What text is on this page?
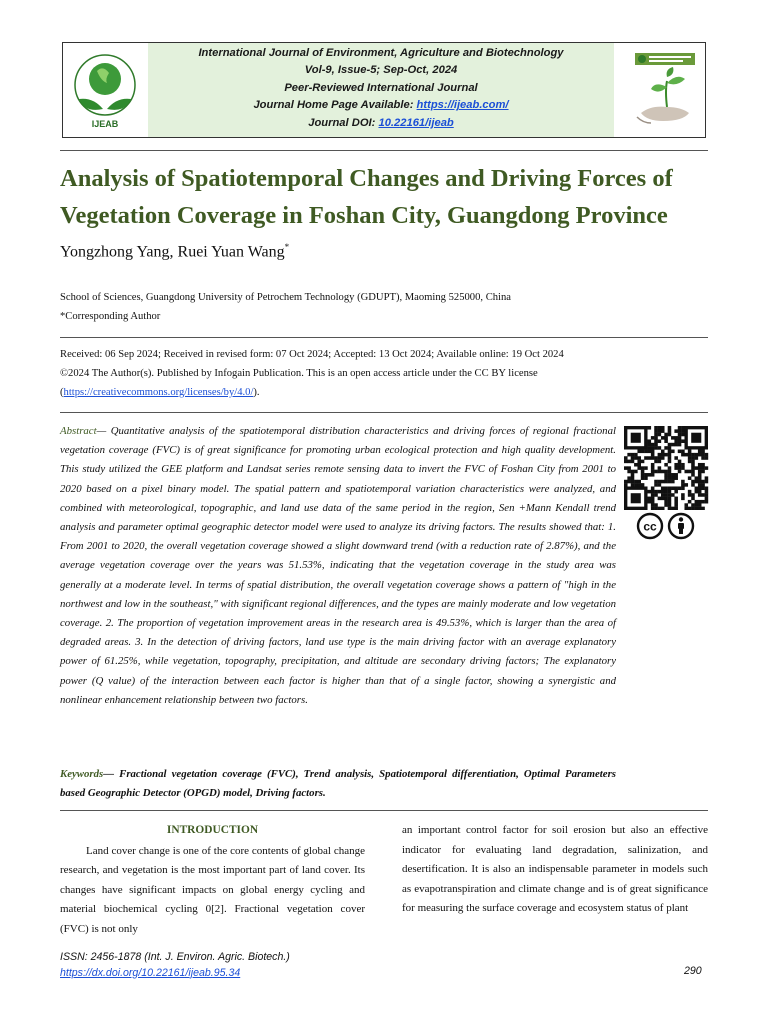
IJEAB
International Journal of Environment, Agriculture and Biotechnology
Vol-9, Issue-5; Sep-Oct, 2024
Peer-Reviewed International Journal
Journal Home Page Available: https://ijeab.com/
Journal DOI: 10.22161/ijeab
Analysis of Spatiotemporal Changes and Driving Forces of Vegetation Coverage in Foshan City, Guangdong Province
Yongzhong Yang, Ruei Yuan Wang*
School of Sciences, Guangdong University of Petrochem Technology (GDUPT), Maoming 525000, China
*Corresponding Author
Received: 06 Sep 2024; Received in revised form: 07 Oct 2024; Accepted: 13 Oct 2024; Available online: 19 Oct 2024
©2024 The Author(s). Published by Infogain Publication. This is an open access article under the CC BY license
(https://creativecommons.org/licenses/by/4.0/).
Abstract— Quantitative analysis of the spatiotemporal distribution characteristics and driving forces of regional fractional vegetation coverage (FVC) is of great significance for promoting urban ecological protection and high quality development. This study utilized the GEE platform and Landsat series remote sensing data to invert the FVC of Foshan City from 2001 to 2020 based on a pixel binary model. The spatial pattern and spatiotemporal variation characteristics were analyzed, and combined with meteorological, topographic, and land use data of the same period in the region, Sen +Mann Kendall trend analysis and parameter optimal geographic detector model were used to analyze its driving factors. The results showed that: 1. From 2001 to 2020, the overall vegetation coverage showed a slight downward trend (with a reduction rate of 2.87%), and the average vegetation coverage over the years was 51.53%, indicating that the vegetation coverage in the study area was generally at a moderate level. In terms of spatial distribution, the overall vegetation coverage shows a pattern of "high in the northwest and low in the southeast," with significant regional differences, and the types are mainly moderate and low vegetation coverage. 2. The proportion of vegetation improvement areas in the research area is 49.53%, which is larger than the area of degraded areas. 3. In the detection of driving factors, land use type is the main driving factor with an average explanatory power of 61.25%, while vegetation, topography, precipitation, and altitude are secondary driving factors; The explanatory power (Q value) of the interaction between each factor is higher than that of a single factor, showing a synergistic and nonlinear enhancement relationship between two factors.
Keywords— Fractional vegetation coverage (FVC), Trend analysis, Spatiotemporal differentiation, Optimal Parameters based Geographic Detector (OPGD) model, Driving factors.
cc
INTRODUCTION

Land cover change is one of the core contents of global change research, and vegetation is the most important part of land cover. Its changes have significant impacts on global energy cycling and material biochemical cycling 0[2]. Fractional vegetation cover (FVC) is not only

an important control factor for soil erosion but also an effective indicator for evaluating land degradation, salinization, and desertification. It is also an indispensable parameter in models such as evapotranspiration and climate change and is of great significance for measuring the surface coverage and ecosystem status of plant

ISSN: 2456-1878 (Int. J. Environ. Agric. Biotech.)
https://dx.doi.org/10.22161/ijeab.95.34	290
